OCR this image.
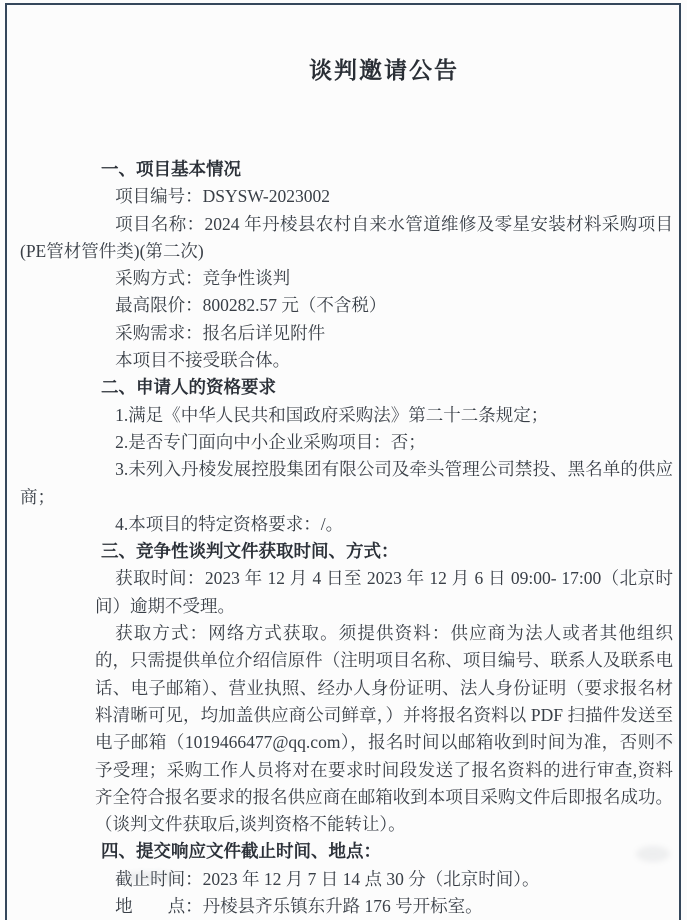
谈判邀请公告
一、项目基本情况

项目编号：DSYSW-2023002

项目名称：2024 年丹棱县农村自来水管道维修及零星安装材料采购项目(PE管材管件类)(第二次)

采购方式：竞争性谈判

最高限价：800282.57 元（不含税）

采购需求：报名后详见附件

本项目不接受联合体。

二、申请人的资格要求

1.满足《中华人民共和国政府采购法》第二十二条规定；

2.是否专门面向中小企业采购项目：否；

3.未列入丹棱发展控股集团有限公司及牵头管理公司禁投、黑名单的供应商；

4.本项目的特定资格要求：/。

三、竞争性谈判文件获取时间、方式：

获取时间：2023 年 12 月 4 日至 2023 年 12 月 6 日 09:00- 17:00（北京时间）逾期不受理。

获取方式：网络方式获取。须提供资料：供应商为法人或者其他组织的，只需提供单位介绍信原件（注明项目名称、项目编号、联系人及联系电话、电子邮箱）、营业执照、经办人身份证明、法人身份证明（要求报名材料清晰可见，均加盖供应商公司鲜章，）并将报名资料以 PDF 扫描件发送至电子邮箱（1019466477@qq.com），报名时间以邮箱收到时间为准，否则不予受理；采购工作人员将对在要求时间段发送了报名资料的进行审查,资料齐全符合报名要求的报名供应商在邮箱收到本项目采购文件后即报名成功。（谈判文件获取后,谈判资格不能转让）。

四、提交响应文件截止时间、地点：

截止时间：2023 年 12 月 7 日 14 点 30 分（北京时间）。

地　　点：丹棱县齐乐镇东升路 176 号开标室。
